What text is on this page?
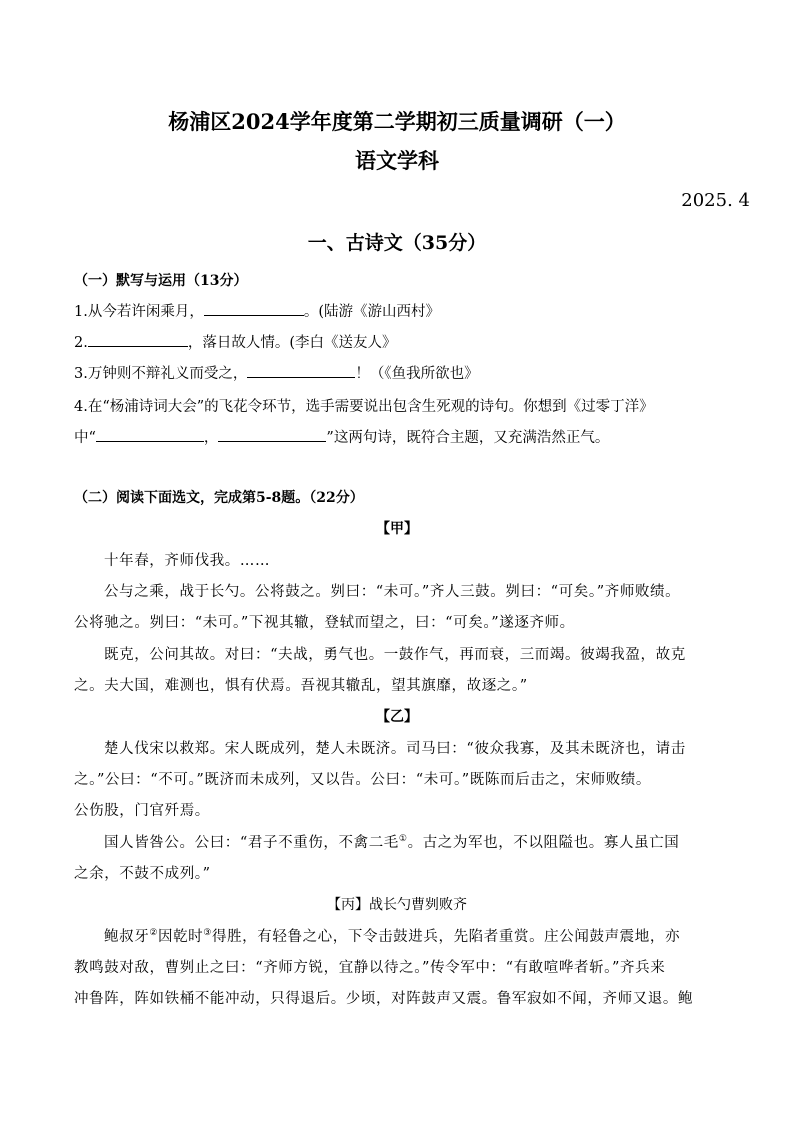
杨浦区2024学年度第二学期初三质量调研（一）
语文学科
2025. 4
一、古诗文（35分）
（一）默写与运用（13分）
1.从今若许闲乘月，	。(陆游《游山西村》
2.	，落日故人情。(李白《送友人》
3.万钟则不辩礼义而受之，	！（《鱼我所欲也》
4.在“杨浦诗词大会”的飞花令环节，选手需要说出包含生死观的诗句。你想到《过零丁洋》
中“	，	”这两句诗，既符合主题，又充满浩然正气。
（二）阅读下面选文，完成第5-8题。（22分）
【甲】
十年春，齐师伐我。……
公与之乘，战于长勺。公将鼓之。刿曰：“未可。”齐人三鼓。刿曰：“可矣。”齐师败绩。
公将驰之。刿曰：“未可。”下视其辙，登轼而望之，曰：“可矣。”遂逐齐师。
既克，公问其故。对曰：“夫战，勇气也。一鼓作气，再而衰，三而竭。彼竭我盈，故克
之。夫大国，难测也，惧有伏焉。吾视其辙乱，望其旗靡，故逐之。”
【乙】
楚人伐宋以救郑。宋人既成列，楚人未既济。司马曰：“彼众我寡，及其未既济也，请击
之。”公曰：“不可。”既济而未成列，又以告。公曰：“未可。”既陈而后击之，宋师败绩。
公伤股，门官歼焉。
国人皆咎公。公曰：“君子不重伤，不禽二毛①。古之为军也，不以阻隘也。寡人虽亡国
之余，不鼓不成列。”
【丙】战长勺曹刿败齐
鲍叔牙②因乾时③得胜，有轻鲁之心，下令击鼓进兵，先陷者重赏。庄公闻鼓声震地，亦
教鸣鼓对敌，曹刿止之曰：“齐师方锐，宜静以待之。”传令军中：“有敢喧哗者斩。”齐兵来
冲鲁阵，阵如铁桶不能冲动，只得退后。少顷，对阵鼓声又震。鲁军寂如不闻，齐师又退。鲍
